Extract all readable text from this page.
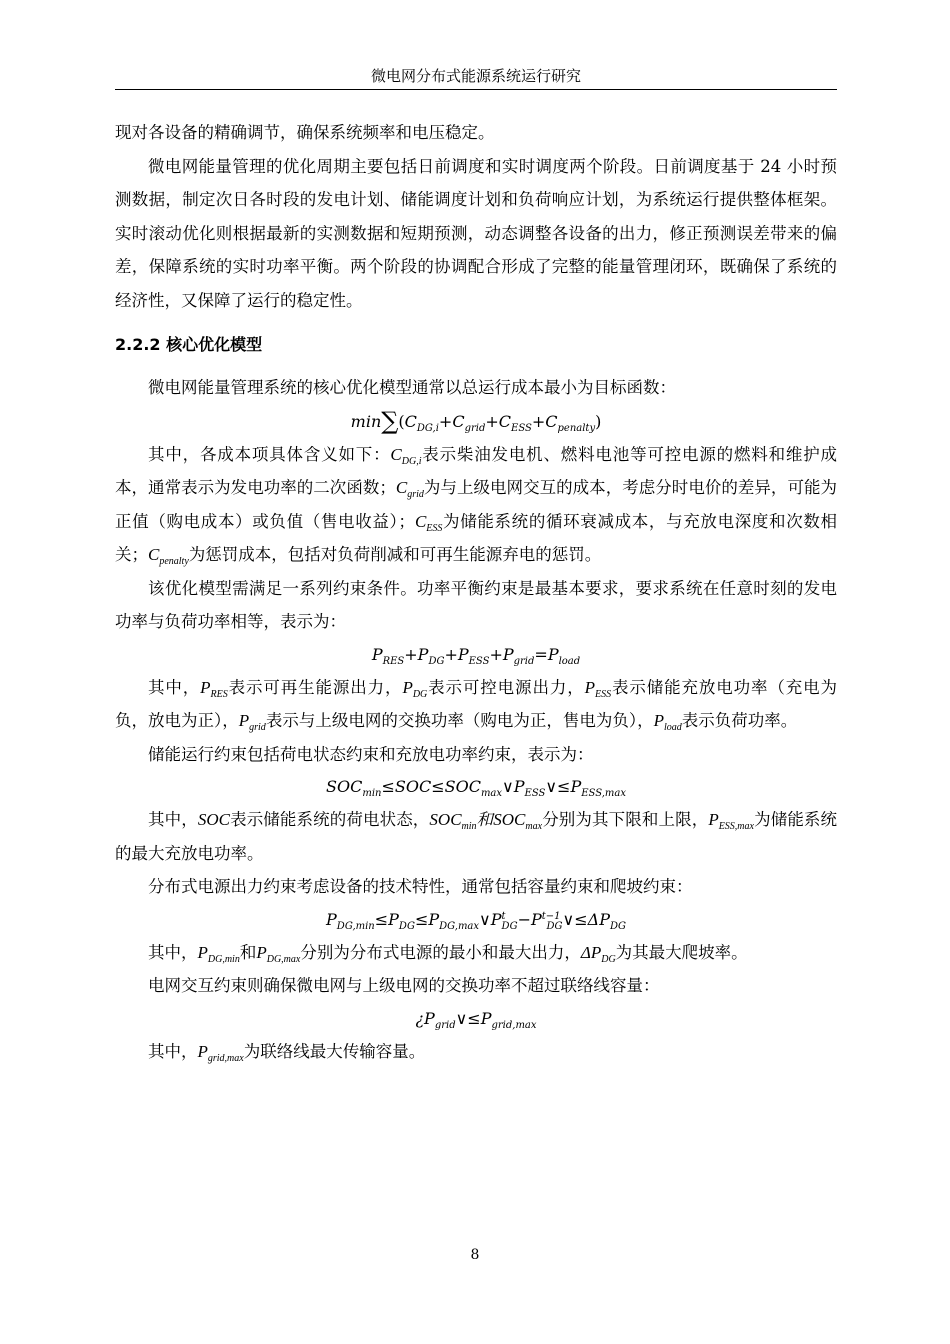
微电网分布式能源系统运行研究

现对各设备的精确调节，确保系统频率和电压稳定。

微电网能量管理的优化周期主要包括日前调度和实时调度两个阶段。日前调度基于 24 小时预测数据，制定次日各时段的发电计划、储能调度计划和负荷响应计划，为系统运行提供整体框架。实时滚动优化则根据最新的实测数据和短期预测，动态调整各设备的出力，修正预测误差带来的偏差，保障系统的实时功率平衡。两个阶段的协调配合形成了完整的能量管理闭环，既确保了系统的经济性，又保障了运行的稳定性。

2.2.2 核心优化模型

微电网能量管理系统的核心优化模型通常以总运行成本最小为目标函数：

$\min\sum(C_{DG,i}+C_{grid}+C_{ESS}+C_{penalty})$

其中，各成本项具体含义如下：$C_{DG,i}$表示柴油发电机、燃料电池等可控电源的燃料和维护成本，通常表示为发电功率的二次函数；$C_{grid}$为与上级电网交互的成本，考虑分时电价的差异，可能为正值（购电成本）或负值（售电收益）；$C_{ESS}$为储能系统的循环衰减成本，与充放电深度和次数相关；$C_{penalty}$为惩罚成本，包括对负荷削减和可再生能源弃电的惩罚。

该优化模型需满足一系列约束条件。功率平衡约束是最基本要求，要求系统在任意时刻的发电功率与负荷功率相等，表示为：

$P_{RES}+P_{DG}+P_{ESS}+P_{grid}=P_{load}$

其中，$P_{RES}$表示可再生能源出力，$P_{DG}$表示可控电源出力，$P_{ESS}$表示储能充放电功率（充电为负，放电为正），$P_{grid}$表示与上级电网的交换功率（购电为正，售电为负），$P_{load}$表示负荷功率。

储能运行约束包括荷电状态约束和充放电功率约束，表示为：

$SOC_{min}\le SOC\le SOC_{max}\vee P_{ESS}\vee\le P_{ESS,max}$

其中，SOC表示储能系统的荷电状态，$SOC_{min}$和$SOC_{max}$分别为其下限和上限，$P_{ESS,max}$为储能系统的最大充放电功率。

分布式电源出力约束考虑设备的技术特性，通常包括容量约束和爬坡约束：

$P_{DG,min}\le P_{DG}\le P_{DG,max}\vee P^t_{DG}-P^{t-1}_{DG}\vee\le\Delta P_{DG}$

其中，$P_{DG,min}$和$P_{DG,max}$分别为分布式电源的最小和最大出力，$\Delta P_{DG}$为其最大爬坡率。

电网交互约束则确保微电网与上级电网的交换功率不超过联络线容量：

¿$P_{grid}\vee\le P_{grid,max}$

其中，$P_{grid,max}$为联络线最大传输容量。

8
